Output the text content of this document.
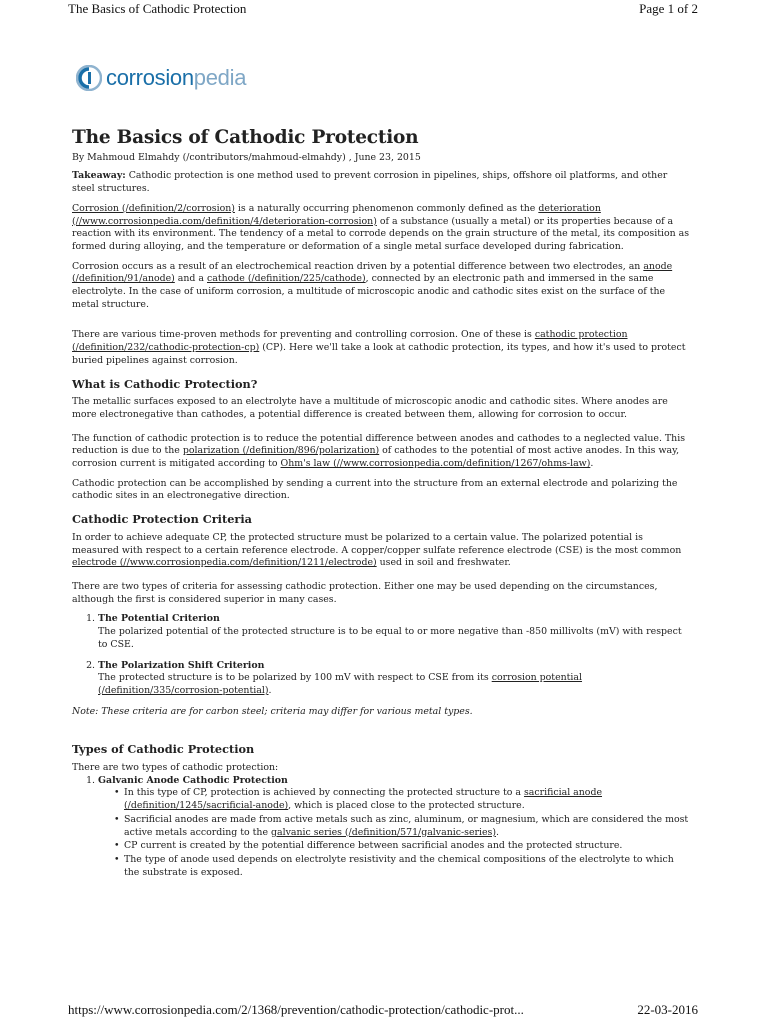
The Basics of Cathodic Protection	Page 1 of 2
corrosionpedia
The Basics of Cathodic Protection

By Mahmoud Elmahdy (/contributors/mahmoud-elmahdy) , June 23, 2015

Takeaway: Cathodic protection is one method used to prevent corrosion in pipelines, ships, offshore oil platforms, and other steel structures.

Corrosion (/definition/2/corrosion) is a naturally occurring phenomenon commonly defined as the deterioration (//www.corrosionpedia.com/definition/4/deterioration-corrosion) of a substance (usually a metal) or its properties because of a reaction with its environment. The tendency of a metal to corrode depends on the grain structure of the metal, its composition as formed during alloying, and the temperature or deformation of a single metal surface developed during fabrication.

Corrosion occurs as a result of an electrochemical reaction driven by a potential difference between two electrodes, an anode (/definition/91/anode) and a cathode (/definition/225/cathode), connected by an electronic path and immersed in the same electrolyte. In the case of uniform corrosion, a multitude of microscopic anodic and cathodic sites exist on the surface of the metal structure.

There are various time-proven methods for preventing and controlling corrosion. One of these is cathodic protection (/definition/232/cathodic-protection-cp) (CP). Here we'll take a look at cathodic protection, its types, and how it's used to protect buried pipelines against corrosion.

What is Cathodic Protection?

The metallic surfaces exposed to an electrolyte have a multitude of microscopic anodic and cathodic sites. Where anodes are more electronegative than cathodes, a potential difference is created between them, allowing for corrosion to occur.

The function of cathodic protection is to reduce the potential difference between anodes and cathodes to a neglected value. This reduction is due to the polarization (/definition/896/polarization) of cathodes to the potential of most active anodes. In this way, corrosion current is mitigated according to Ohm's law (//www.corrosionpedia.com/definition/1267/ohms-law).

Cathodic protection can be accomplished by sending a current into the structure from an external electrode and polarizing the cathodic sites in an electronegative direction.

Cathodic Protection Criteria

In order to achieve adequate CP, the protected structure must be polarized to a certain value. The polarized potential is measured with respect to a certain reference electrode. A copper/copper sulfate reference electrode (CSE) is the most common electrode (//www.corrosionpedia.com/definition/1211/electrode) used in soil and freshwater.

There are two types of criteria for assessing cathodic protection. Either one may be used depending on the circumstances, although the first is considered superior in many cases.

1. The Potential Criterion
The polarized potential of the protected structure is to be equal to or more negative than -850 millivolts (mV) with respect to CSE.
2. The Polarization Shift Criterion
The protected structure is to be polarized by 100 mV with respect to CSE from its corrosion potential (/definition/335/corrosion-potential).

Note: These criteria are for carbon steel; criteria may differ for various metal types.

Types of Cathodic Protection

There are two types of cathodic protection:

1. Galvanic Anode Cathodic Protection
• In this type of CP, protection is achieved by connecting the protected structure to a sacrificial anode (/definition/1245/sacrificial-anode), which is placed close to the protected structure.
• Sacrificial anodes are made from active metals such as zinc, aluminum, or magnesium, which are considered the most active metals according to the galvanic series (/definition/571/galvanic-series).
• CP current is created by the potential difference between sacrificial anodes and the protected structure.
• The type of anode used depends on electrolyte resistivity and the chemical compositions of the electrolyte to which the substrate is exposed.
https://www.corrosionpedia.com/2/1368/prevention/cathodic-protection/cathodic-prot...	22-03-2016
